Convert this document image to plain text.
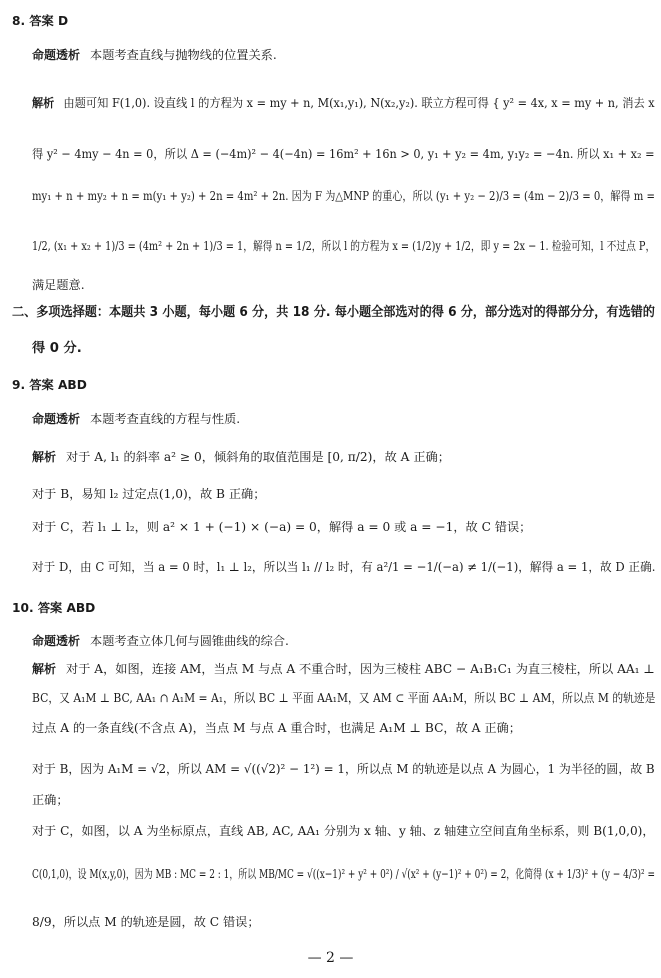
8. 答案 D
命题透析 本题考查直线与抛物线的位置关系.
解析 由题可知 F(1,0). 设直线 l 的方程为 x = my + n, M(x₁,y₁), N(x₂,y₂). 联立方程可得 { y² = 4x, x = my + n, 消去 x
得 y² − 4my − 4n = 0，所以 Δ = (−4m)² − 4(−4n) = 16m² + 16n > 0, y₁ + y₂ = 4m, y₁y₂ = −4n. 所以 x₁ + x₂ =
my₁ + n + my₂ + n = m(y₁ + y₂) + 2n = 4m² + 2n. 因为 F 为△MNP 的重心，所以 (y₁ + y₂ − 2)/3 = (4m − 2)/3 = 0，解得 m =
1/2, (x₁ + x₂ + 1)/3 = (4m² + 2n + 1)/3 = 1，解得 n = 1/2，所以 l 的方程为 x = (1/2)y + 1/2，即 y = 2x − 1. 检验可知，l 不过点 P，
满足题意.
二、多项选择题：本题共 3 小题，每小题 6 分，共 18 分. 每小题全部选对的得 6 分，部分选对的得部分分，有选错的
得 0 分.
9. 答案 ABD
命题透析 本题考查直线的方程与性质.
解析 对于 A, l₁ 的斜率 a² ≥ 0，倾斜角的取值范围是 [0, π/2)，故 A 正确；
对于 B，易知 l₂ 过定点(1,0)，故 B 正确；
对于 C，若 l₁ ⊥ l₂，则 a² × 1 + (−1) × (−a) = 0，解得 a = 0 或 a = −1，故 C 错误；
对于 D，由 C 可知，当 a = 0 时，l₁ ⊥ l₂，所以当 l₁ // l₂ 时，有 a²/1 = −1/(−a) ≠ 1/(−1)，解得 a = 1，故 D 正确.
10. 答案 ABD
命题透析 本题考查立体几何与圆锥曲线的综合.
解析 对于 A，如图，连接 AM，当点 M 与点 A 不重合时，因为三棱柱 ABC − A₁B₁C₁ 为直三棱柱，所以 AA₁ ⊥
BC，又 A₁M ⊥ BC, AA₁ ∩ A₁M = A₁，所以 BC ⊥ 平面 AA₁M，又 AM ⊂ 平面 AA₁M，所以 BC ⊥ AM，所以点 M 的轨迹是
过点 A 的一条直线(不含点 A)，当点 M 与点 A 重合时，也满足 A₁M ⊥ BC，故 A 正确；
对于 B，因为 A₁M = √2，所以 AM = √((√2)² − 1²) = 1，所以点 M 的轨迹是以点 A 为圆心，1 为半径的圆，故 B
正确；
对于 C，如图，以 A 为坐标原点，直线 AB, AC, AA₁ 分别为 x 轴、y 轴、z 轴建立空间直角坐标系，则 B(1,0,0)，
C(0,1,0)，设 M(x,y,0)，因为 MB : MC = 2 : 1，所以 MB/MC = √((x−1)² + y² + 0²) / √(x² + (y−1)² + 0²) = 2，化简得 (x + 1/3)² + (y − 4/3)² =
8/9，所以点 M 的轨迹是圆，故 C 错误；
— 2 —
